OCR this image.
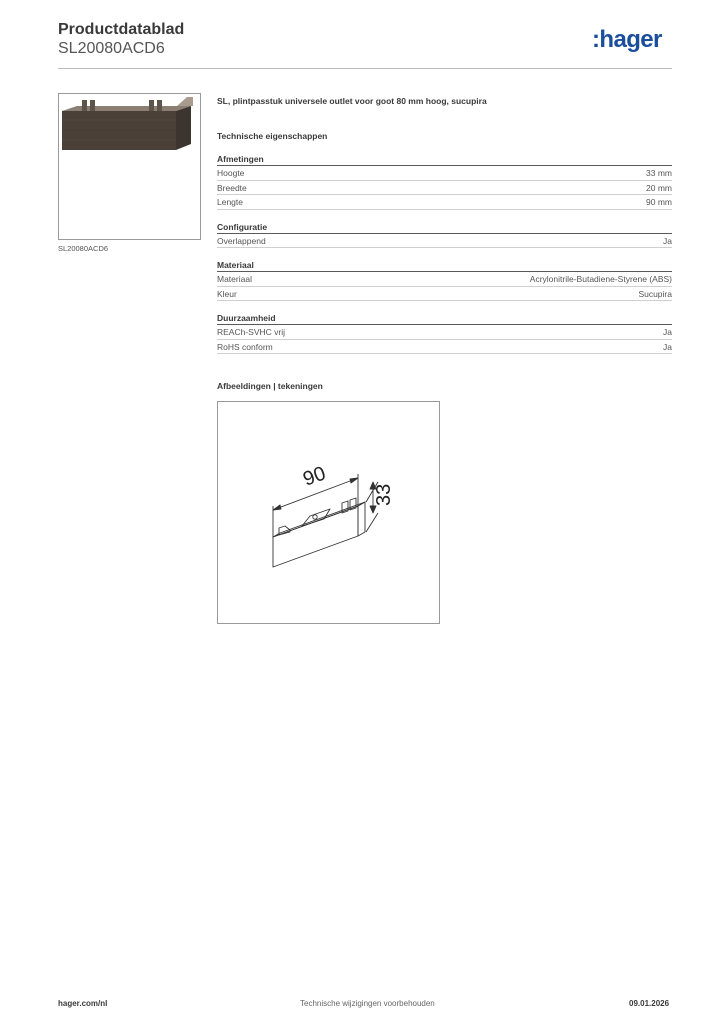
Productdatablad
SL20080ACD6	:hager
SL20080ACD6
SL, plintpasstuk universele outlet voor goot 80 mm hoog, sucupira
Technische eigenschappen
Afmetingen
Hoogte	33 mm
Breedte	20 mm
Lengte	90 mm
Configuratie
Overlappend	Ja
Materiaal
Materiaal	Acrylonitrile-Butadiene-Styrene (ABS)
Kleur	Sucupira
Duurzaamheid
REACh-SVHC vrij	Ja
RoHS conform	Ja
Afbeeldingen | tekeningen
90
33
hager.com/nl	Technische wijzigingen voorbehouden	09.01.2026
